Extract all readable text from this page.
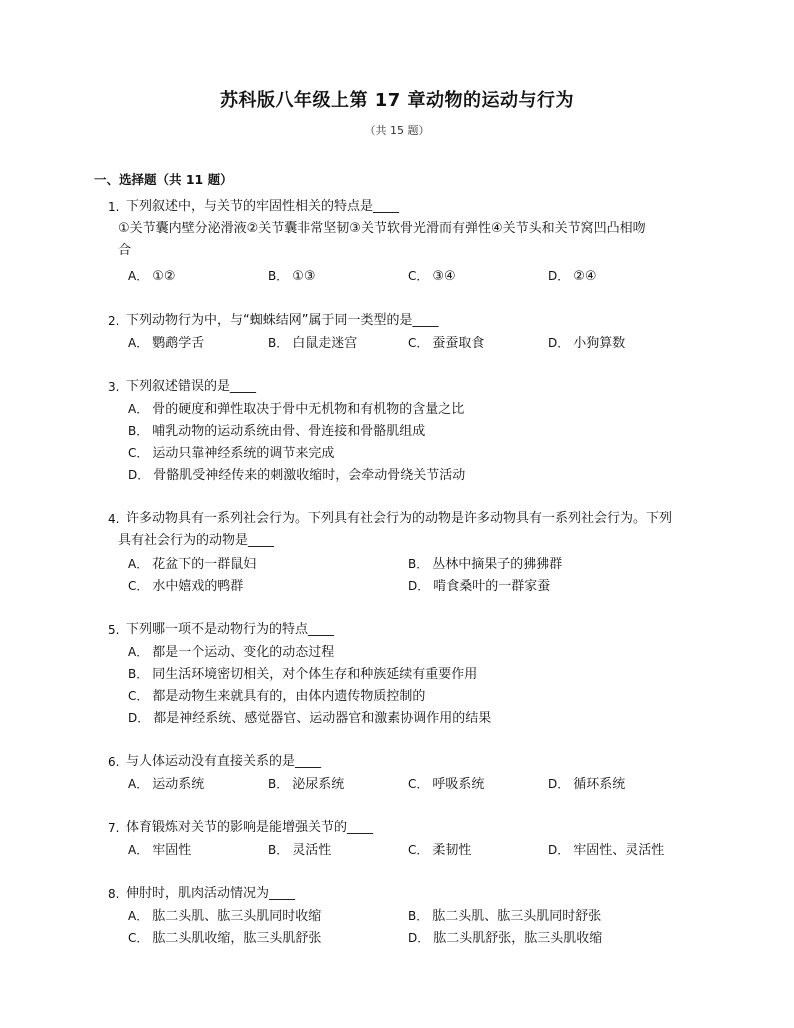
苏科版八年级上第 17 章动物的运动与行为
（共 15 题）
一、选择题（共 11 题）
1. 下列叙述中，与关节的牢固性相关的特点是____
①关节囊内壁分泌滑液②关节囊非常坚韧③关节软骨光滑而有弹性④关节头和关节窝凹凸相吻
合
A． ①②	B． ①③	C． ③④	D． ②④
2. 下列动物行为中，与“蜘蛛结网”属于同一类型的是____
A． 鹦鹉学舌	B． 白鼠走迷宫	C． 蚕蚕取食	D． 小狗算数
3. 下列叙述错误的是____
A． 骨的硬度和弹性取决于骨中无机物和有机物的含量之比
B． 哺乳动物的运动系统由骨、骨连接和骨骼肌组成
C． 运动只靠神经系统的调节来完成
D． 骨骼肌受神经传来的刺激收缩时，会牵动骨绕关节活动
4. 许多动物具有一系列社会行为。下列具有社会行为的动物是许多动物具有一系列社会行为。下列
具有社会行为的动物是____
A． 花盆下的一群鼠妇	B． 丛林中摘果子的狒狒群
C． 水中嬉戏的鸭群	D． 啃食桑叶的一群家蚕
5. 下列哪一项不是动物行为的特点____
A． 都是一个运动、变化的动态过程
B． 同生活环境密切相关，对个体生存和种族延续有重要作用
C． 都是动物生来就具有的，由体内遗传物质控制的
D． 都是神经系统、感觉器官、运动器官和激素协调作用的结果
6. 与人体运动没有直接关系的是____
A． 运动系统	B． 泌尿系统	C． 呼吸系统	D． 循环系统
7. 体育锻炼对关节的影响是能增强关节的____
A． 牢固性	B． 灵活性	C． 柔韧性	D． 牢固性、灵活性
8. 伸肘时，肌肉活动情况为____
A． 肱二头肌、肱三头肌同时收缩	B． 肱二头肌、肱三头肌同时舒张
C． 肱二头肌收缩，肱三头肌舒张	D． 肱二头肌舒张，肱三头肌收缩
